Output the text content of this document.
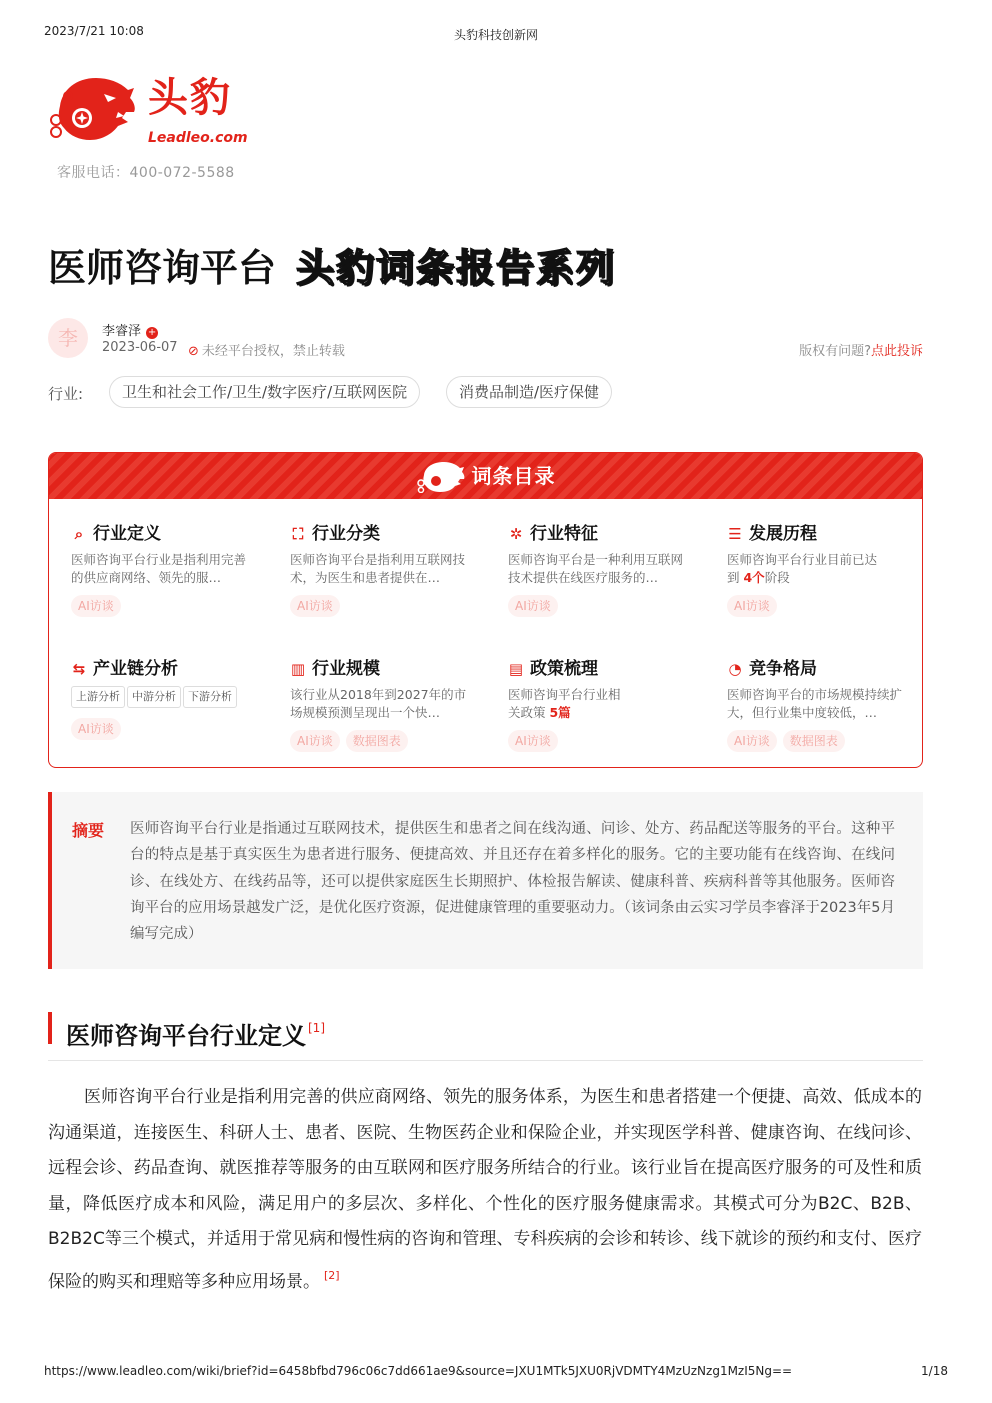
2023/7/21 10:08	头豹科技创新网
头豹
Leadleo.com
客服电话：400-072-5588
医师咨询平台 头豹词条报告系列
李	李睿泽 +
2023-06-07 ⊘ 未经平台授权，禁止转载	版权有问题?点此投诉
行业:	卫生和社会工作/卫生/数字医疗/互联网医院	消费品制造/医疗保健
词条目录
⌕ 行业定义
医师咨询平台行业是指利用完善的供应商网络、领先的服…
AI访谈
⛶ 行业分类
医师咨询平台是指利用互联网技术，为医生和患者提供在…
AI访谈
✲ 行业特征
医师咨询平台是一种利用互联网技术提供在线医疗服务的…
AI访谈
☰ 发展历程
医师咨询平台行业目前已达到 4个阶段
AI访谈
⇆ 产业链分析
上游分析 中游分析 下游分析
AI访谈
▥ 行业规模
该行业从2018年到2027年的市场规模预测呈现出一个快…
AI访谈 数据图表
▤ 政策梳理
医师咨询平台行业相关政策 5篇
AI访谈
◔ 竞争格局
医师咨询平台的市场规模持续扩大，但行业集中度较低，…
AI访谈 数据图表
摘要 医师咨询平台行业是指通过互联网技术，提供医生和患者之间在线沟通、问诊、处方、药品配送等服务的平台。这种平台的特点是基于真实医生为患者进行服务、便捷高效、并且还存在着多样化的服务。它的主要功能有在线咨询、在线问诊、在线处方、在线药品等，还可以提供家庭医生长期照护、体检报告解读、健康科普、疾病科普等其他服务。医师咨询平台的应用场景越发广泛，是优化医疗资源，促进健康管理的重要驱动力。（该词条由云实习学员李睿泽于2023年5月编写完成）
医师咨询平台行业定义 [1]

医师咨询平台行业是指利用完善的供应商网络、领先的服务体系，为医生和患者搭建一个便捷、高效、低成本的沟通渠道，连接医生、科研人士、患者、医院、生物医药企业和保险企业，并实现医学科普、健康咨询、在线问诊、远程会诊、药品查询、就医推荐等服务的由互联网和医疗服务所结合的行业。该行业旨在提高医疗服务的可及性和质量，降低医疗成本和风险，满足用户的多层次、多样化、个性化的医疗服务健康需求。其模式可分为B2C、B2B、B2B2C等三个模式，并适用于常见病和慢性病的咨询和管理、专科疾病的会诊和转诊、线下就诊的预约和支付、医疗保险的购买和理赔等多种应用场景。 [2]

https://www.leadleo.com/wiki/brief?id=6458bfbd796c06c7dd661ae9&source=JXU1MTk5JXU0RjVDMTY4MzUzNzg1MzI5Ng==	1/18
